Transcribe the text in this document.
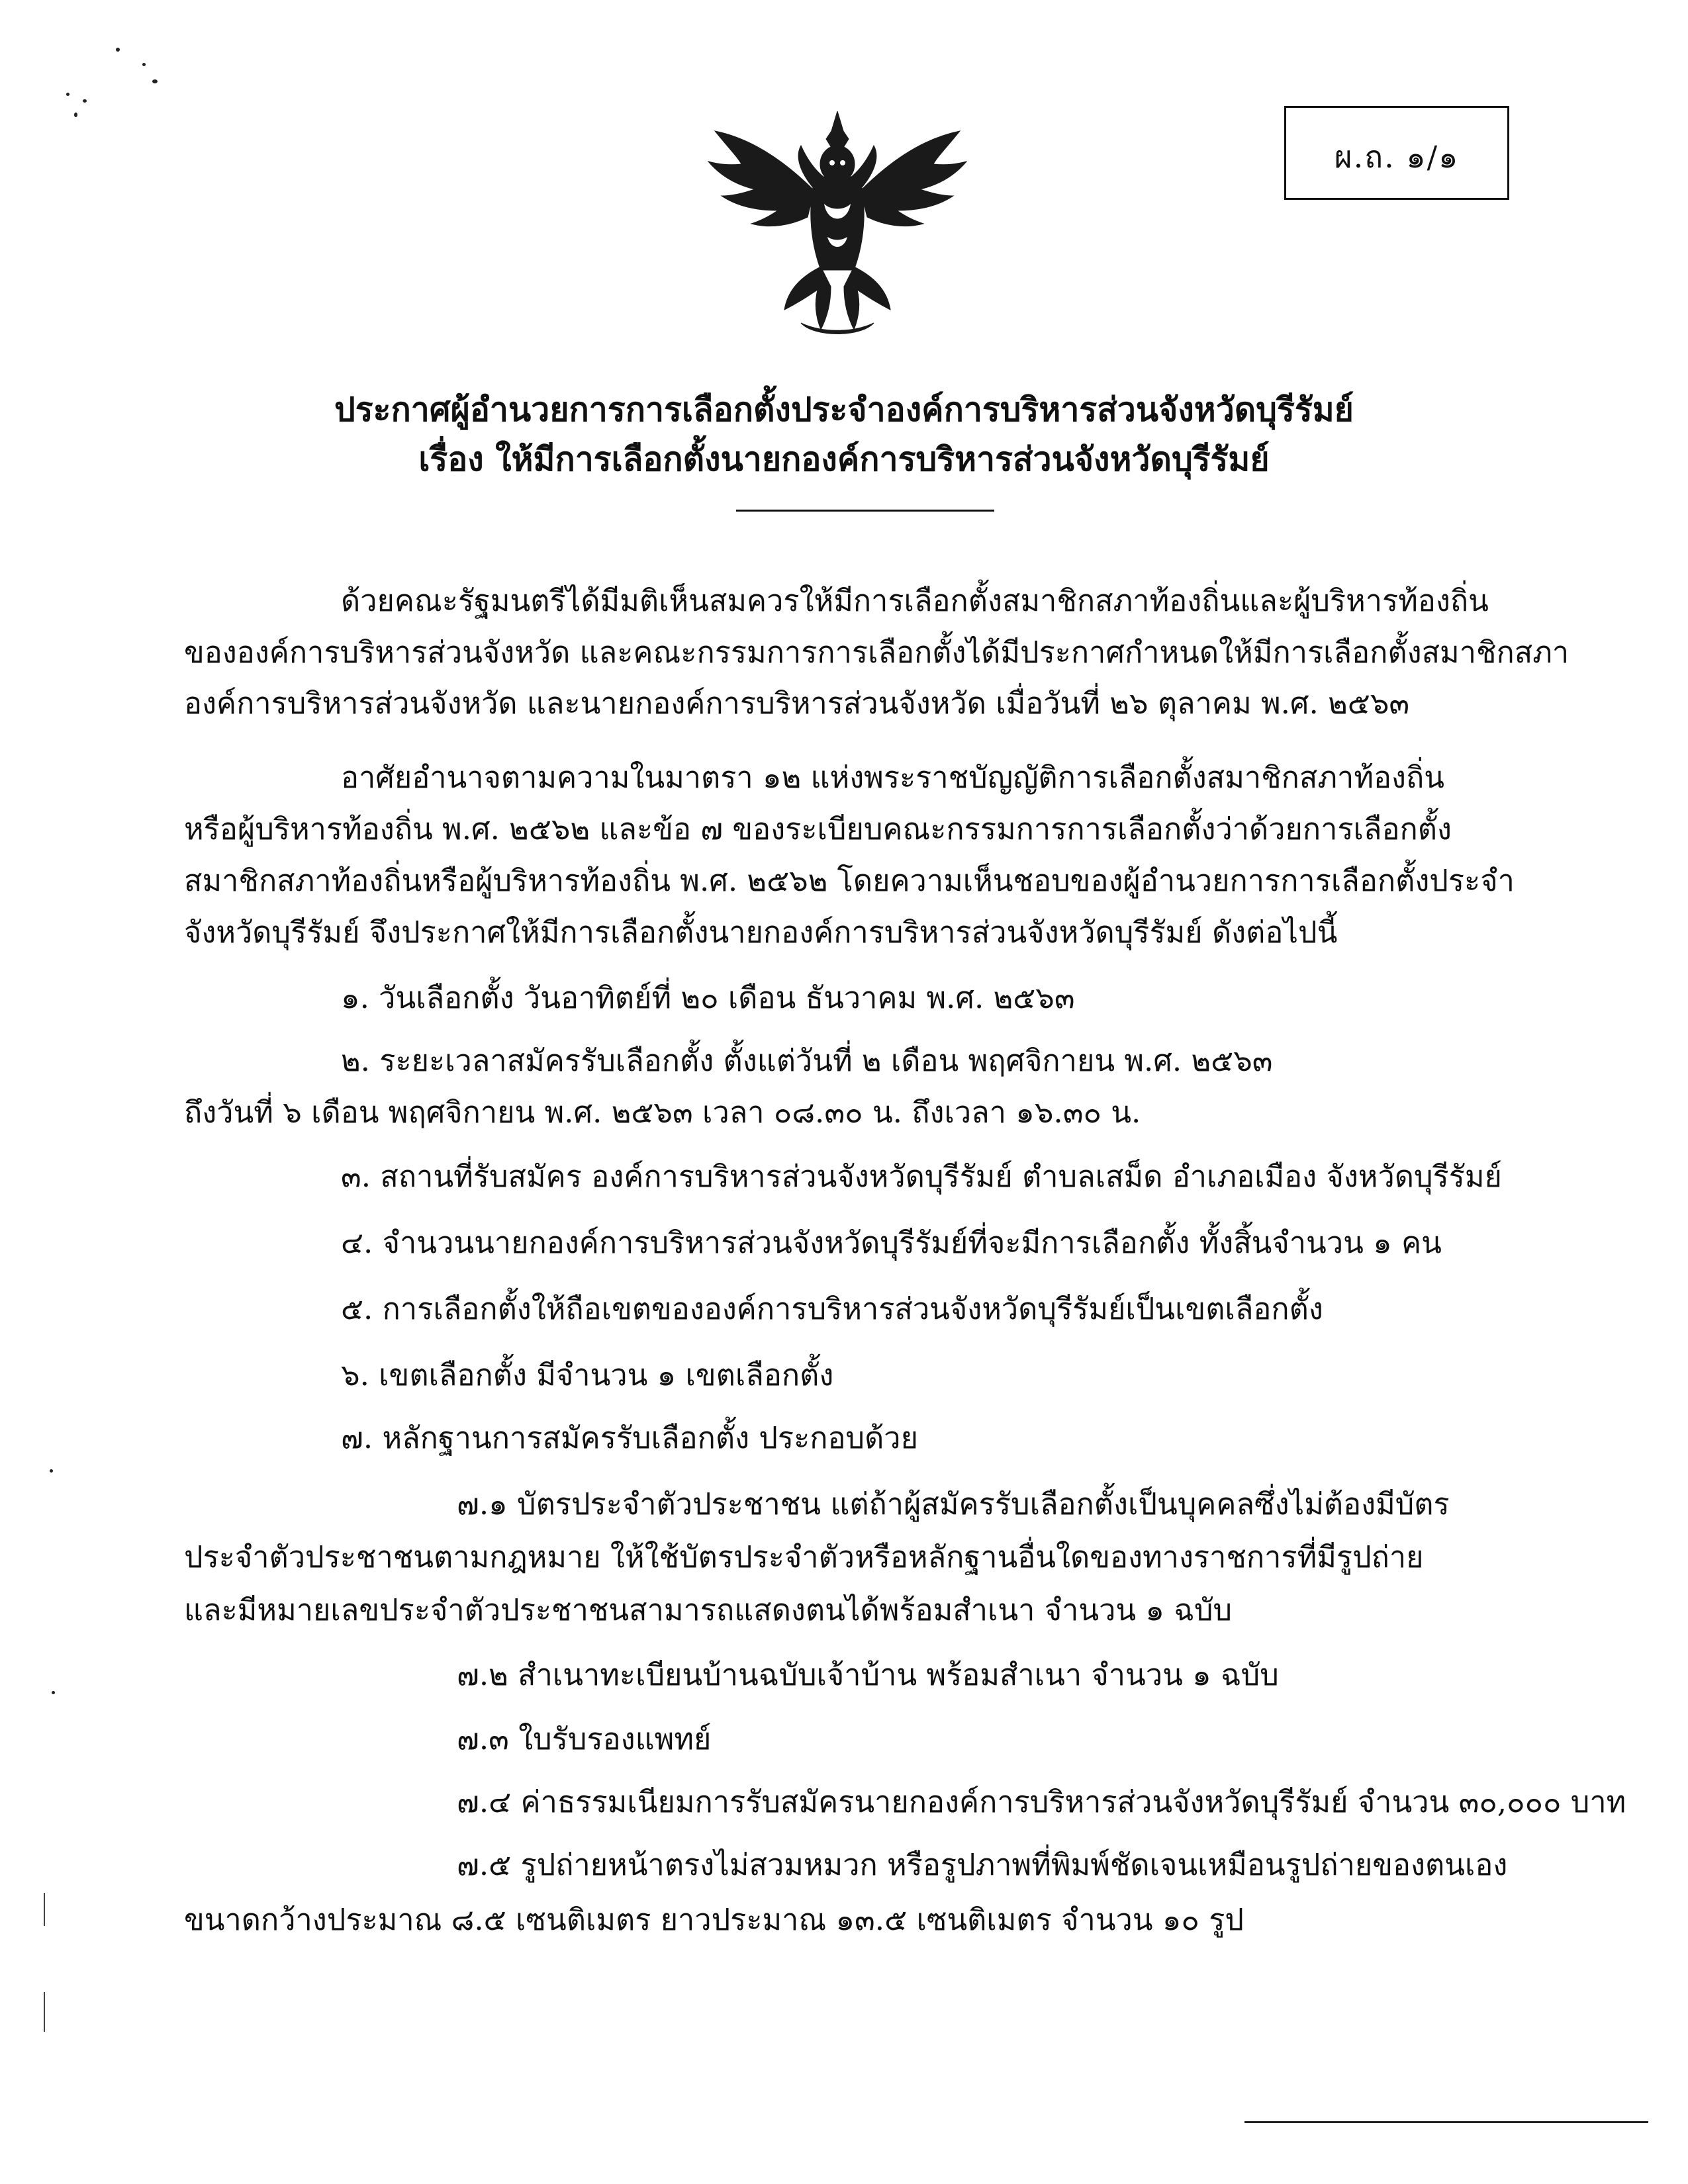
ผ.ถ. ๑/๑
ประกาศผู้อำนวยการการเลือกตั้งประจำองค์การบริหารส่วนจังหวัดบุรีรัมย์
เรื่อง ให้มีการเลือกตั้งนายกองค์การบริหารส่วนจังหวัดบุรีรัมย์
ด้วยคณะรัฐมนตรีได้มีมติเห็นสมควรให้มีการเลือกตั้งสมาชิกสภาท้องถิ่นและผู้บริหารท้องถิ่น
ขององค์การบริหารส่วนจังหวัด และคณะกรรมการการเลือกตั้งได้มีประกาศกำหนดให้มีการเลือกตั้งสมาชิกสภา
องค์การบริหารส่วนจังหวัด และนายกองค์การบริหารส่วนจังหวัด เมื่อวันที่ ๒๖ ตุลาคม พ.ศ. ๒๕๖๓
อาศัยอำนาจตามความในมาตรา ๑๒ แห่งพระราชบัญญัติการเลือกตั้งสมาชิกสภาท้องถิ่น
หรือผู้บริหารท้องถิ่น พ.ศ. ๒๕๖๒ และข้อ ๗ ของระเบียบคณะกรรมการการเลือกตั้งว่าด้วยการเลือกตั้ง
สมาชิกสภาท้องถิ่นหรือผู้บริหารท้องถิ่น พ.ศ. ๒๕๖๒ โดยความเห็นชอบของผู้อำนวยการการเลือกตั้งประจำ
จังหวัดบุรีรัมย์ จึงประกาศให้มีการเลือกตั้งนายกองค์การบริหารส่วนจังหวัดบุรีรัมย์ ดังต่อไปนี้
๑. วันเลือกตั้ง วันอาทิตย์ที่ ๒๐ เดือน ธันวาคม พ.ศ. ๒๕๖๓
๒. ระยะเวลาสมัครรับเลือกตั้ง ตั้งแต่วันที่ ๒ เดือน พฤศจิกายน พ.ศ. ๒๕๖๓
ถึงวันที่ ๖ เดือน พฤศจิกายน พ.ศ. ๒๕๖๓ เวลา ๐๘.๓๐ น. ถึงเวลา ๑๖.๓๐ น.
๓. สถานที่รับสมัคร องค์การบริหารส่วนจังหวัดบุรีรัมย์ ตำบลเสม็ด อำเภอเมือง จังหวัดบุรีรัมย์
๔. จำนวนนายกองค์การบริหารส่วนจังหวัดบุรีรัมย์ที่จะมีการเลือกตั้ง ทั้งสิ้นจำนวน ๑ คน
๕. การเลือกตั้งให้ถือเขตขององค์การบริหารส่วนจังหวัดบุรีรัมย์เป็นเขตเลือกตั้ง
๖. เขตเลือกตั้ง มีจำนวน ๑ เขตเลือกตั้ง
๗. หลักฐานการสมัครรับเลือกตั้ง ประกอบด้วย
๗.๑ บัตรประจำตัวประชาชน แต่ถ้าผู้สมัครรับเลือกตั้งเป็นบุคคลซึ่งไม่ต้องมีบัตร
ประจำตัวประชาชนตามกฎหมาย ให้ใช้บัตรประจำตัวหรือหลักฐานอื่นใดของทางราชการที่มีรูปถ่าย
และมีหมายเลขประจำตัวประชาชนสามารถแสดงตนได้พร้อมสำเนา จำนวน ๑ ฉบับ
๗.๒ สำเนาทะเบียนบ้านฉบับเจ้าบ้าน พร้อมสำเนา จำนวน ๑ ฉบับ
๗.๓ ใบรับรองแพทย์
๗.๔ ค่าธรรมเนียมการรับสมัครนายกองค์การบริหารส่วนจังหวัดบุรีรัมย์ จำนวน ๓๐,๐๐๐ บาท
๗.๕ รูปถ่ายหน้าตรงไม่สวมหมวก หรือรูปภาพที่พิมพ์ชัดเจนเหมือนรูปถ่ายของตนเอง
ขนาดกว้างประมาณ ๘.๕ เซนติเมตร ยาวประมาณ ๑๓.๕ เซนติเมตร จำนวน ๑๐ รูป
